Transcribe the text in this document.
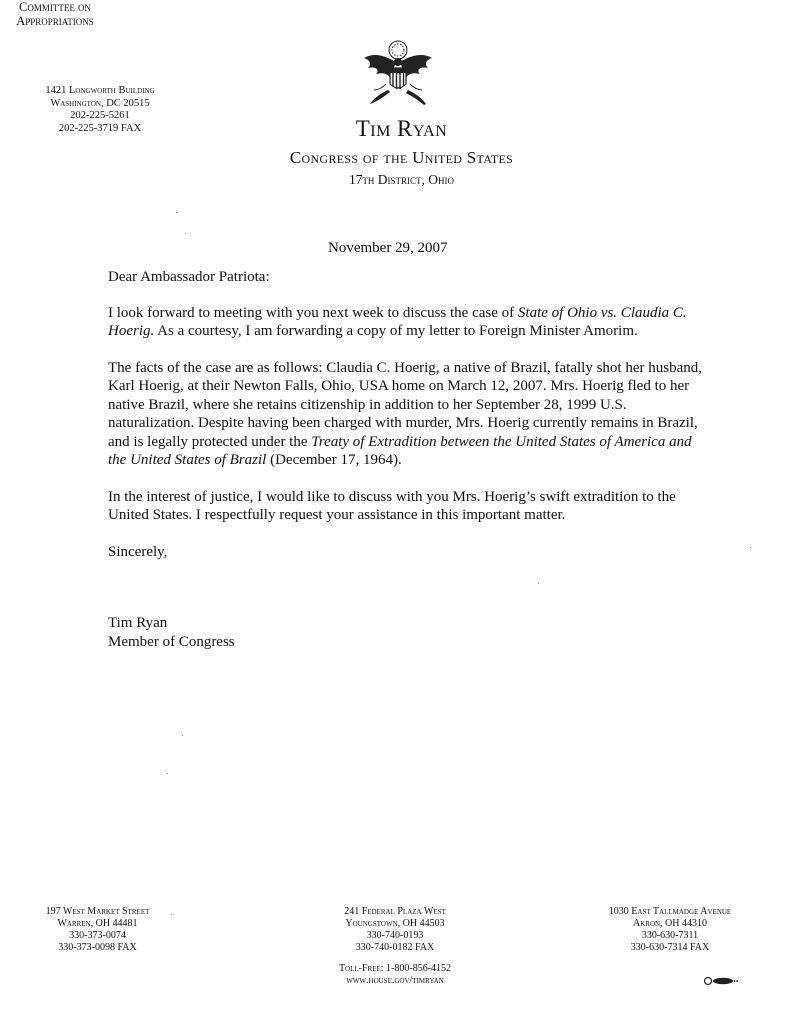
1421 Longworth Building
Washington, DC 20515
202-225-5261
202-225-3719 FAX
Committee on
Appropriations
Tim Ryan
Congress of the United States
17th District, Ohio
November 29, 2007

Dear Ambassador Patriota:

I look forward to meeting with you next week to discuss the case of State of Ohio vs. Claudia C. Hoerig. As a courtesy, I am forwarding a copy of my letter to Foreign Minister Amorim.

The facts of the case are as follows: Claudia C. Hoerig, a native of Brazil, fatally shot her husband, Karl Hoerig, at their Newton Falls, Ohio, USA home on March 12, 2007. Mrs. Hoerig fled to her native Brazil, where she retains citizenship in addition to her September 28, 1999 U.S. naturalization. Despite having been charged with murder, Mrs. Hoerig currently remains in Brazil, and is legally protected under the Treaty of Extradition between the United States of America and the United States of Brazil (December 17, 1964).

In the interest of justice, I would like to discuss with you Mrs. Hoerig’s swift extradition to the United States. I respectfully request your assistance in this important matter.

Sincerely,

Tim Ryan

Member of Congress

197 West Market Street
Warren, OH 44481
330-373-0074
330-373-0098 FAX
241 Federal Plaza West
Youngstown, OH 44503
330-740-0193
330-740-0182 FAX
1030 East Tallmadge Avenue
Akron, OH 44310
330-630-7311
330-630-7314 FAX
Toll-Free: 1-800-856-4152
www.house.gov/timryan
